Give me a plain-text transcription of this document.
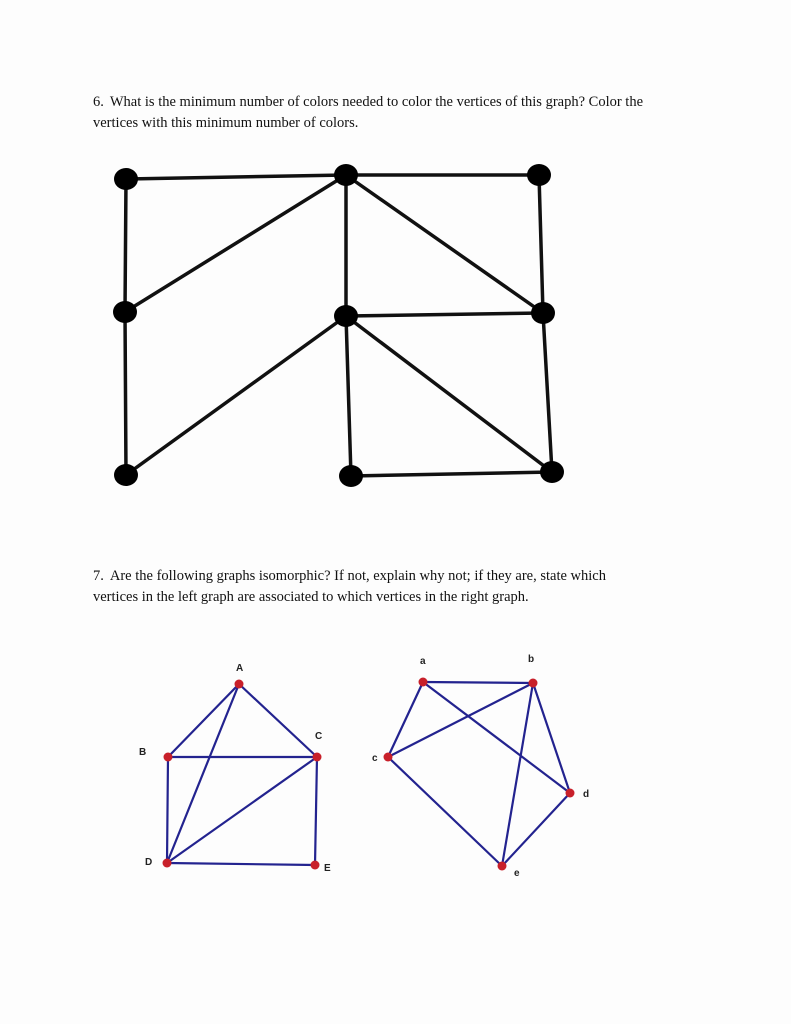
6. What is the minimum number of colors needed to color the vertices of this graph? Color the
vertices with this minimum number of colors.
7. Are the following graphs isomorphic? If not, explain why not; if they are, state which
vertices in the left graph are associated to which vertices in the right graph.
A
B
C
D
E
a	b
c
d
e
